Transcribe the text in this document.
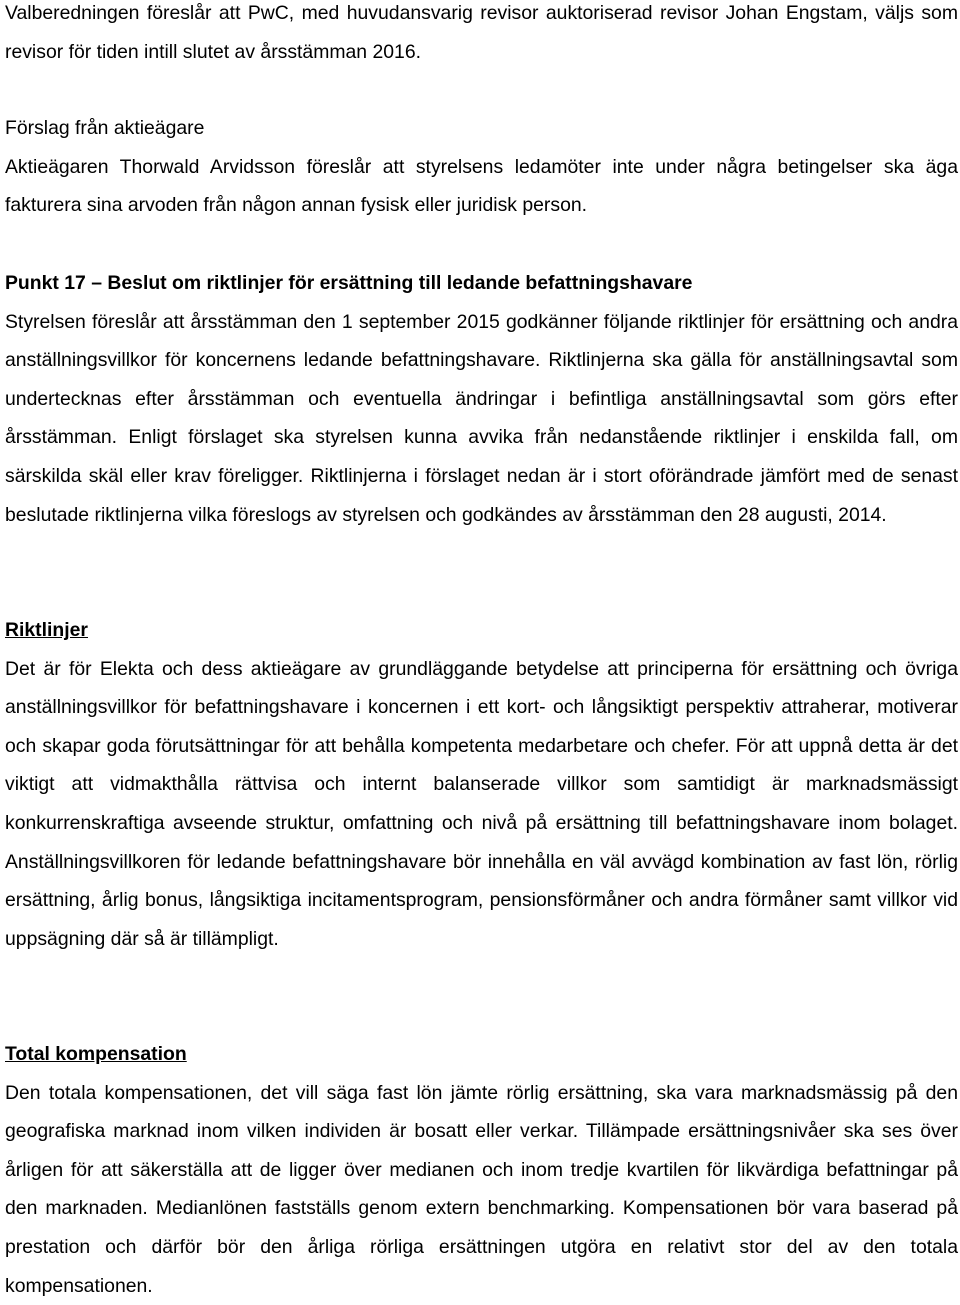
Valberedningen föreslår att PwC, med huvudansvarig revisor auktoriserad revisor Johan Engstam, väljs som revisor för tiden intill slutet av årsstämman 2016.

Förslag från aktieägare

Aktieägaren Thorwald Arvidsson föreslår att styrelsens ledamöter inte under några betingelser ska äga fakturera sina arvoden från någon annan fysisk eller juridisk person.

Punkt 17 – Beslut om riktlinjer för ersättning till ledande befattningshavare

Styrelsen föreslår att årsstämman den 1 september 2015 godkänner följande riktlinjer för ersättning och andra anställningsvillkor för koncernens ledande befattningshavare. Riktlinjerna ska gälla för anställningsavtal som undertecknas efter årsstämman och eventuella ändringar i befintliga anställningsavtal som görs efter årsstämman. Enligt förslaget ska styrelsen kunna avvika från nedanstående riktlinjer i enskilda fall, om särskilda skäl eller krav föreligger. Riktlinjerna i förslaget nedan är i stort oförändrade jämfört med de senast beslutade riktlinjerna vilka föreslogs av styrelsen och godkändes av årsstämman den 28 augusti, 2014.

Riktlinjer

Det är för Elekta och dess aktieägare av grundläggande betydelse att principerna för ersättning och övriga anställningsvillkor för befattningshavare i koncernen i ett kort- och långsiktigt perspektiv attraherar, motiverar och skapar goda förutsättningar för att behålla kompetenta medarbetare och chefer. För att uppnå detta är det viktigt att vidmakthålla rättvisa och internt balanserade villkor som samtidigt är marknadsmässigt konkurrenskraftiga avseende struktur, omfattning och nivå på ersättning till befattningshavare inom bolaget. Anställningsvillkoren för ledande befattningshavare bör innehålla en väl avvägd kombination av fast lön, rörlig ersättning, årlig bonus, långsiktiga incitamentsprogram, pensionsförmåner och andra förmåner samt villkor vid uppsägning där så är tillämpligt.

Total kompensation

Den totala kompensationen, det vill säga fast lön jämte rörlig ersättning, ska vara marknadsmässig på den geografiska marknad inom vilken individen är bosatt eller verkar. Tillämpade ersättningsnivåer ska ses över årligen för att säkerställa att de ligger över medianen och inom tredje kvartilen för likvärdiga befattningar på den marknaden. Medianlönen fastställs genom extern benchmarking. Kompensationen bör vara baserad på prestation och därför bör den årliga rörliga ersättningen utgöra en relativt stor del av den totala kompensationen.
